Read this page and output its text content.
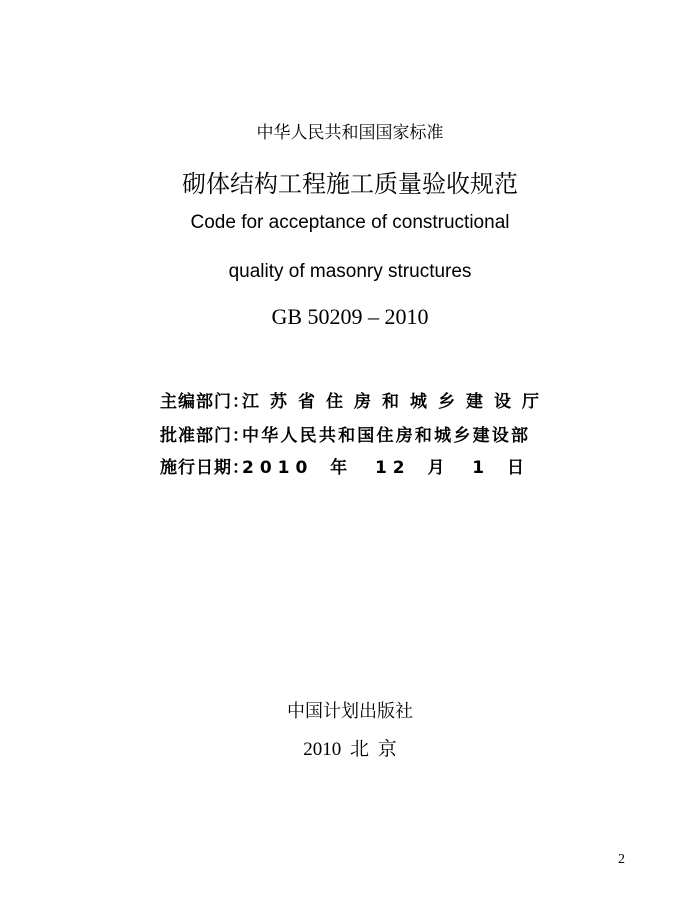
中华人民共和国国家标准
砌体结构工程施工质量验收规范
Code for acceptance of constructional
quality of masonry structures
GB 50209 – 2010
主编部门：
江苏省住房和城乡建设厅
批准部门：
中华人民共和国住房和城乡建设部
施行日期：
2010 年 12 月 1 日
中国计划出版社
2010 北 京
2
